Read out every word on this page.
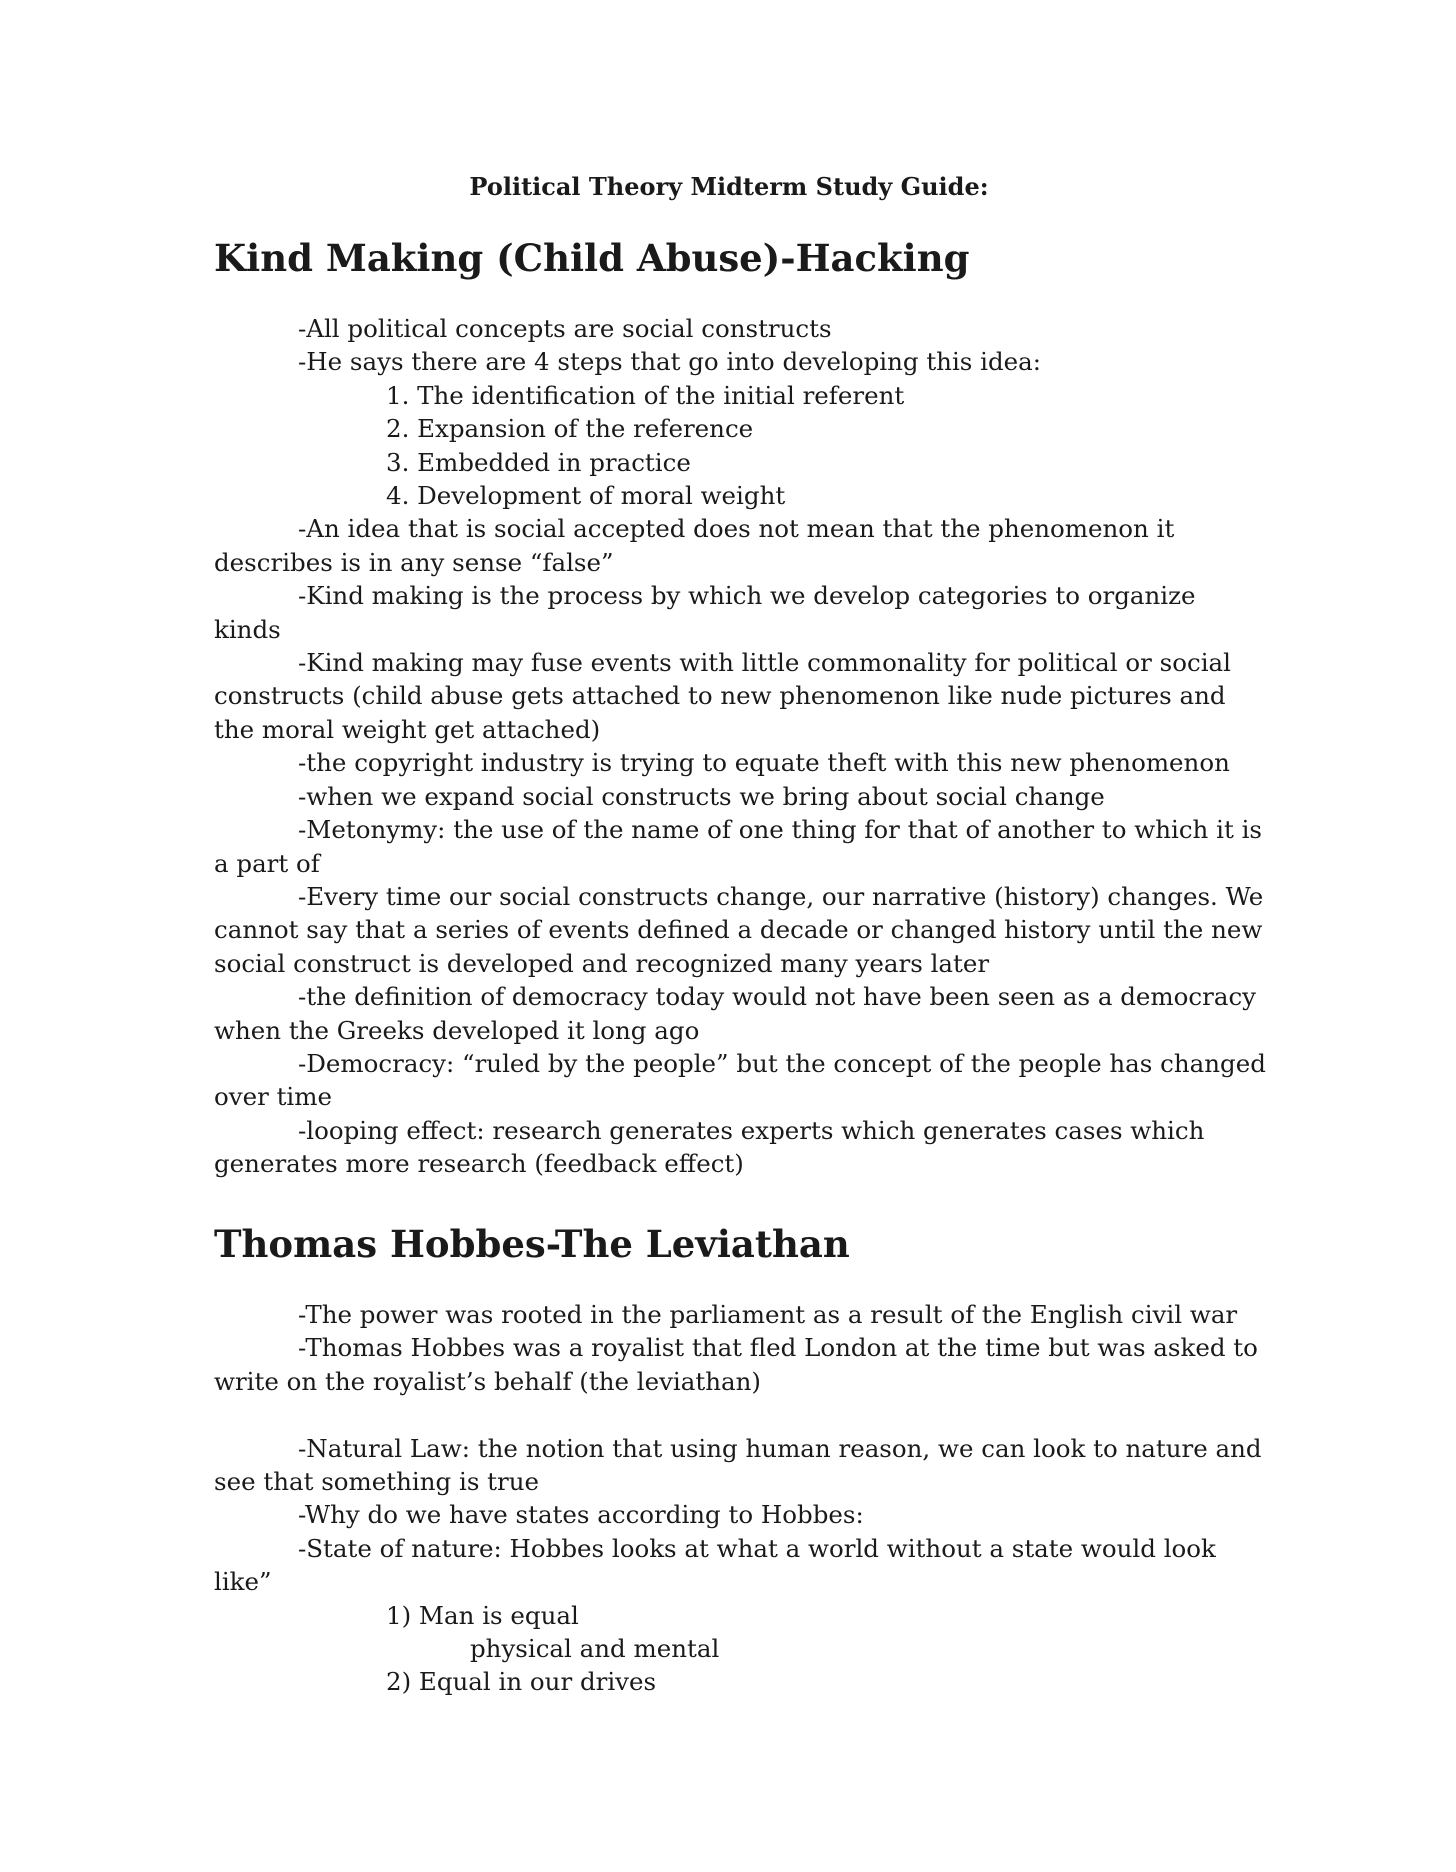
Political Theory Midterm Study Guide:
Kind Making (Child Abuse)-Hacking

-All political concepts are social constructs

-He says there are 4 steps that go into developing this idea:

1. The identification of the initial referent

2. Expansion of the reference

3. Embedded in practice

4. Development of moral weight

-An idea that is social accepted does not mean that the phenomenon it

describes is in any sense “false”

-Kind making is the process by which we develop categories to organize

kinds

-Kind making may fuse events with little commonality for political or social

constructs (child abuse gets attached to new phenomenon like nude pictures and

the moral weight get attached)

-the copyright industry is trying to equate theft with this new phenomenon

-when we expand social constructs we bring about social change

-Metonymy: the use of the name of one thing for that of another to which it is

a part of

-Every time our social constructs change, our narrative (history) changes. We

cannot say that a series of events defined a decade or changed history until the new

social construct is developed and recognized many years later

-the definition of democracy today would not have been seen as a democracy

when the Greeks developed it long ago

-Democracy: “ruled by the people” but the concept of the people has changed

over time

-looping effect: research generates experts which generates cases which

generates more research (feedback effect)

Thomas Hobbes-The Leviathan

-The power was rooted in the parliament as a result of the English civil war

-Thomas Hobbes was a royalist that fled London at the time but was asked to

write on the royalist’s behalf (the leviathan)

-Natural Law: the notion that using human reason, we can look to nature and

see that something is true

-Why do we have states according to Hobbes:

-State of nature: Hobbes looks at what a world without a state would look

like”

1) Man is equal

physical and mental

2) Equal in our drives
